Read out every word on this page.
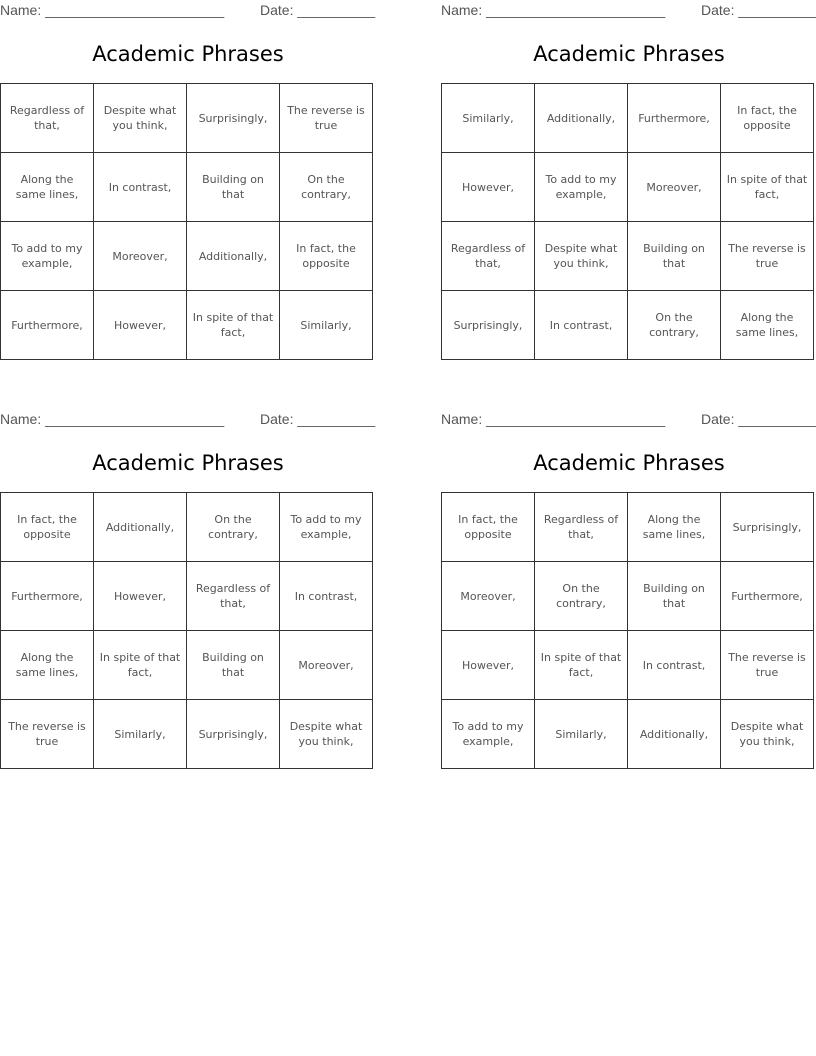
Name: _______________________	Date: __________
Academic Phrases
Regardless of that,	Despite what you think,	Surprisingly,	The reverse is true
Along the same lines,	In contrast,	Building on that	On the contrary,
To add to my example,	Moreover,	Additionally,	In fact, the opposite
Furthermore,	However,	In spite of that fact,	Similarly,
Name: _______________________	Date: __________
Academic Phrases
Similarly,	Additionally,	Furthermore,	In fact, the opposite
However,	To add to my example,	Moreover,	In spite of that fact,
Regardless of that,	Despite what you think,	Building on that	The reverse is true
Surprisingly,	In contrast,	On the contrary,	Along the same lines,
Name: _______________________	Date: __________
Academic Phrases
In fact, the opposite	Additionally,	On the contrary,	To add to my example,
Furthermore,	However,	Regardless of that,	In contrast,
Along the same lines,	In spite of that fact,	Building on that	Moreover,
The reverse is true	Similarly,	Surprisingly,	Despite what you think,
Name: _______________________	Date: __________
Academic Phrases
In fact, the opposite	Regardless of that,	Along the same lines,	Surprisingly,
Moreover,	On the contrary,	Building on that	Furthermore,
However,	In spite of that fact,	In contrast,	The reverse is true
To add to my example,	Similarly,	Additionally,	Despite what you think,
